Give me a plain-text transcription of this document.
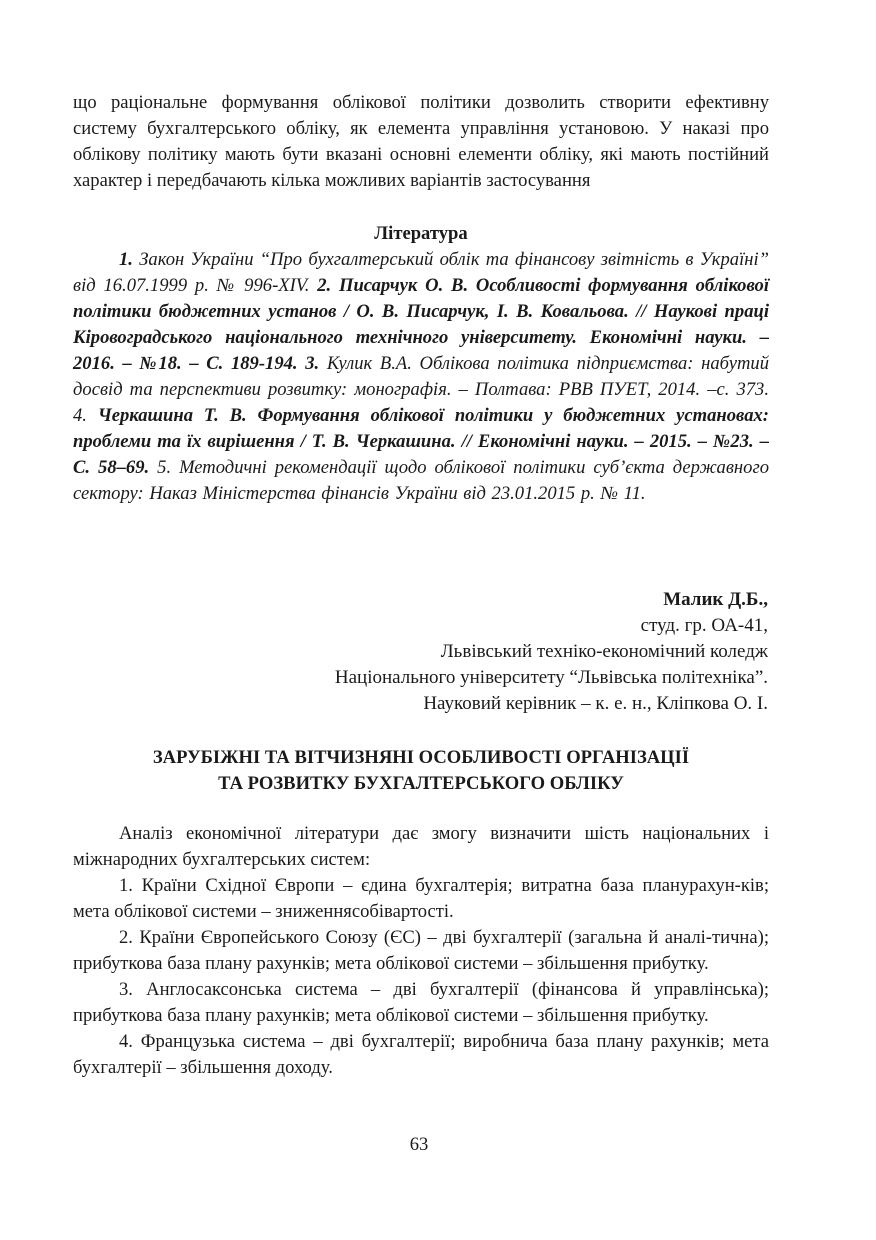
що раціональне формування облікової політики дозволить створити ефективну систему бухгалтерського обліку, як елемента управління установою. У наказі про облікову політику мають бути вказані основні елементи обліку, які мають постійний характер і передбачають кілька можливих варіантів застосування

Література

1. Закон України “Про бухгалтерський облік та фінансову звітність в Україні” від 16.07.1999 р. № 996-XIV. 2. Писарчук О. В. Особливості формування облікової політики бюджетних установ / О. В. Писарчук, І. В. Ковальова. // Наукові праці Кіровоградського національного технічного університету. Економічні науки. – 2016. – №18. – С. 189-194. 3. Кулик В.А. Облікова політика підприємства: набутий досвід та перспективи розвитку: монографія. – Полтава: РВВ ПУЕТ, 2014. –с. 373. 4. Черкашина Т. В. Формування облікової політики у бюджетних установах: проблеми та їх вирішення / Т. В. Черкашина. // Економічні науки. – 2015. – №23. – С. 58–69. 5. Методичні рекомендації щодо облікової політики суб’єкта державного сектору: Наказ Міністерства фінансів України від 23.01.2015 р. № 11.

Малик Д.Б.,
студ. гр. ОА-41,
Львівський техніко-економічний коледж
Національного університету “Львівська політехніка”.
Науковий керівник – к. е. н., Кліпкова О. І.
ЗАРУБІЖНІ ТА ВІТЧИЗНЯНІ ОСОБЛИВОСТІ ОРГАНІЗАЦІЇ
ТА РОЗВИТКУ БУХГАЛТЕРСЬКОГО ОБЛІКУ

Аналіз економічної літератури дає змогу визначити шість національних і міжнародних бухгалтерських систем:

1. Країни Східної Європи – єдина бухгалтерія; витратна база планурахун-ків; мета облікової системи – зниженнясобівартості.

2. Країни Європейського Союзу (ЄС) – дві бухгалтерії (загальна й аналі-тична); прибуткова база плану рахунків; мета облікової системи – збільшення прибутку.

3. Англосаксонська система – дві бухгалтерії (фінансова й управлінська); прибуткова база плану рахунків; мета облікової системи – збільшення прибутку.

4. Французька система – дві бухгалтерії; виробнича база плану рахунків; мета бухгалтерії – збільшення доходу.

63
